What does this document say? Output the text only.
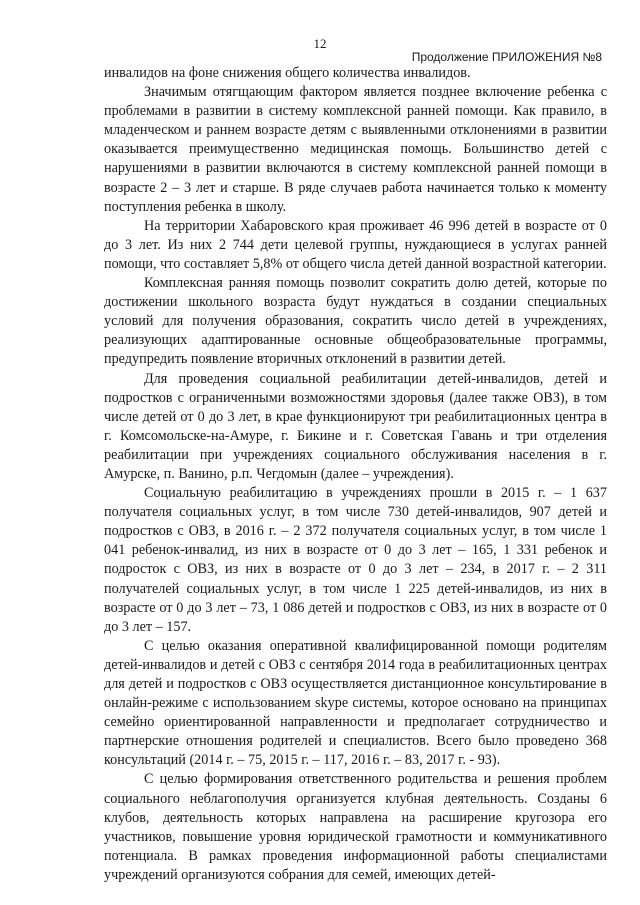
12
Продолжение ПРИЛОЖЕНИЯ №8

инвалидов на фоне снижения общего количества инвалидов.

Значимым отягщающим фактором является позднее включение ребенка с проблемами в развитии в систему комплексной ранней помощи. Как правило, в младенческом и раннем возрасте детям с выявленными отклонениями в развитии оказывается преимущественно медицинская помощь. Большинство детей с нарушениями в развитии включаются в систему комплексной ранней помощи в возрасте 2 – 3 лет и старше. В ряде случаев работа начинается только к моменту поступления ребенка в школу.

На территории Хабаровского края проживает 46 996 детей в возрасте от 0 до 3 лет. Из них 2 744 дети целевой группы, нуждающиеся в услугах ранней помощи, что составляет 5,8% от общего числа детей данной возрастной категории.

Комплексная ранняя помощь позволит сократить долю детей, которые по достижении школьного возраста будут нуждаться в создании специальных условий для получения образования, сократить число детей в учреждениях, реализующих адаптированные основные общеобразовательные программы, предупредить появление вторичных отклонений в развитии детей.

Для проведения социальной реабилитации детей-инвалидов, детей и подростков с ограниченными возможностями здоровья (далее также ОВЗ), в том числе детей от 0 до 3 лет, в крае функционируют три реабилитационных центра в г. Комсомольске-на-Амуре, г. Бикине и г. Советская Гавань и три отделения реабилитации при учреждениях социального обслуживания населения в г. Амурске, п. Ванино, р.п. Чегдомын (далее – учреждения).

Социальную реабилитацию в учреждениях прошли в 2015 г. – 1 637 получателя социальных услуг, в том числе 730 детей-инвалидов, 907 детей и подростков с ОВЗ, в 2016 г. – 2 372 получателя социальных услуг, в том числе 1 041 ребенок-инвалид, из них в возрасте от 0 до 3 лет – 165, 1 331 ребенок и подросток с ОВЗ, из них в возрасте от 0 до 3 лет – 234, в 2017 г. – 2 311 получателей социальных услуг, в том числе 1 225 детей-инвалидов, из них в возрасте от 0 до 3 лет – 73, 1 086 детей и подростков с ОВЗ, из них в возрасте от 0 до 3 лет – 157.

С целью оказания оперативной квалифицированной помощи родителям детей-инвалидов и детей с ОВЗ с сентября 2014 года в реабилитационных центрах для детей и подростков с ОВЗ осуществляется дистанционное консультирование в онлайн-режиме с использованием skype системы, которое основано на принципах семейно ориентированной направленности и предполагает сотрудничество и партнерские отношения родителей и специалистов. Всего было проведено 368 консультаций (2014 г. – 75, 2015 г. – 117, 2016 г. – 83, 2017 г. - 93).

С целью формирования ответственного родительства и решения проблем социального неблагополучия организуется клубная деятельность. Созданы 6 клубов, деятельность которых направлена на расширение кругозора его участников, повышение уровня юридической грамотности и коммуникативного потенциала. В рамках проведения информационной работы специалистами учреждений организуются собрания для семей, имеющих детей-
